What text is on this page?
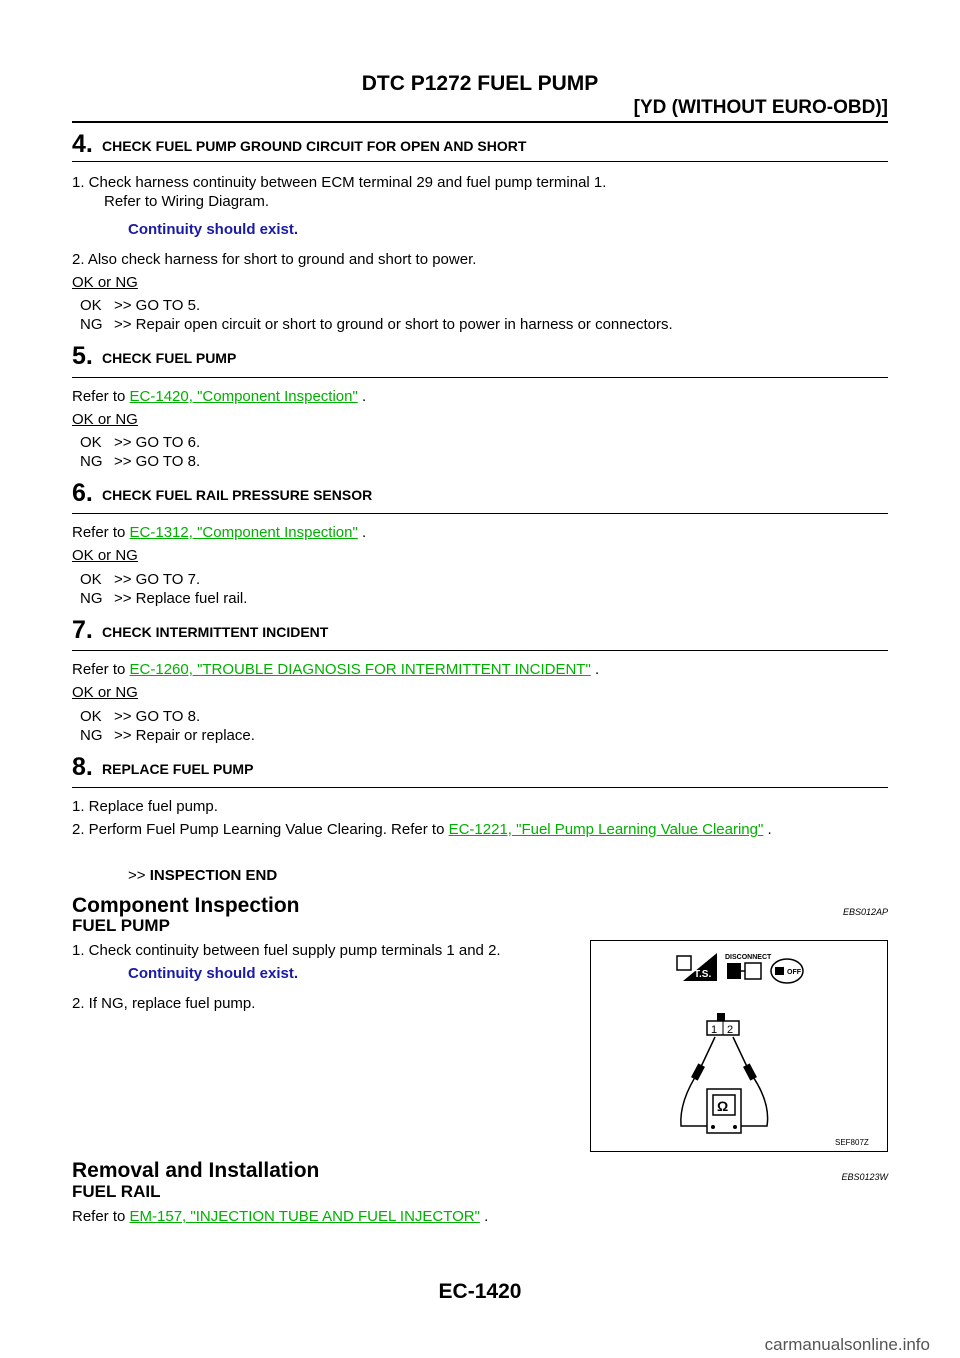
DTC P1272 FUEL PUMP
[YD (WITHOUT EURO-OBD)]
4. CHECK FUEL PUMP GROUND CIRCUIT FOR OPEN AND SHORT
1. Check harness continuity between ECM terminal 29 and fuel pump terminal 1.
Refer to Wiring Diagram.
Continuity should exist.
2. Also check harness for short to ground and short to power.
OK or NG
OK >> GO TO 5.
NG >> Repair open circuit or short to ground or short to power in harness or connectors.
5. CHECK FUEL PUMP
Refer to EC-1420, "Component Inspection" .
OK or NG
OK >> GO TO 6.
NG >> GO TO 8.
6. CHECK FUEL RAIL PRESSURE SENSOR
Refer to EC-1312, "Component Inspection" .
OK or NG
OK >> GO TO 7.
NG >> Replace fuel rail.
7. CHECK INTERMITTENT INCIDENT
Refer to EC-1260, "TROUBLE DIAGNOSIS FOR INTERMITTENT INCIDENT" .
OK or NG
OK >> GO TO 8.
NG >> Repair or replace.
8. REPLACE FUEL PUMP
1. Replace fuel pump.
2. Perform Fuel Pump Learning Value Clearing. Refer to EC-1221, "Fuel Pump Learning Value Clearing" .
>> INSPECTION END
Component Inspection	EBS012AP
FUEL PUMP
1. Check continuity between fuel supply pump terminals 1 and 2.
Continuity should exist.
2. If NG, replace fuel pump.
T.S.
DISCONNECT
OFF
1 2
Ω
SEF807Z
Removal and Installation	EBS0123W
FUEL RAIL
Refer to EM-157, "INJECTION TUBE AND FUEL INJECTOR" .
EC-1420
carmanualsonline.info
